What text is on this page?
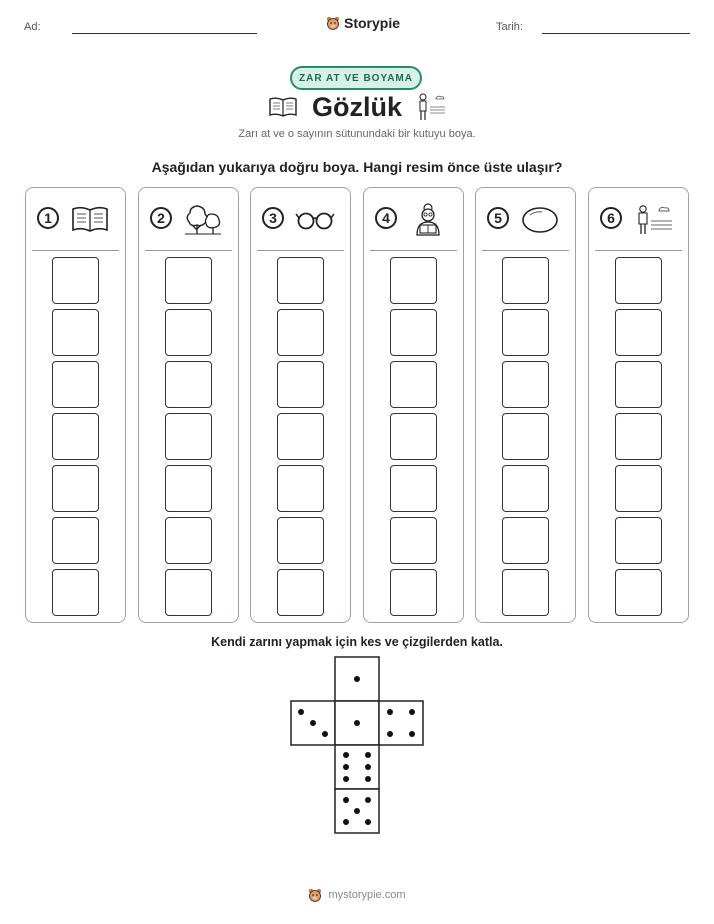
Ad:	Storypie	Tarih:
ZAR AT VE BOYAMA
Gözlük
Zarı at ve o sayının sütunundaki bir kutuyu boya.
Aşağıdan yukarıya doğru boya. Hangi resim önce üste ulaşır?
1	2	3	4	5	6
Kendi zarını yapmak için kes ve çizgilerden katla.
mystorypie.com
